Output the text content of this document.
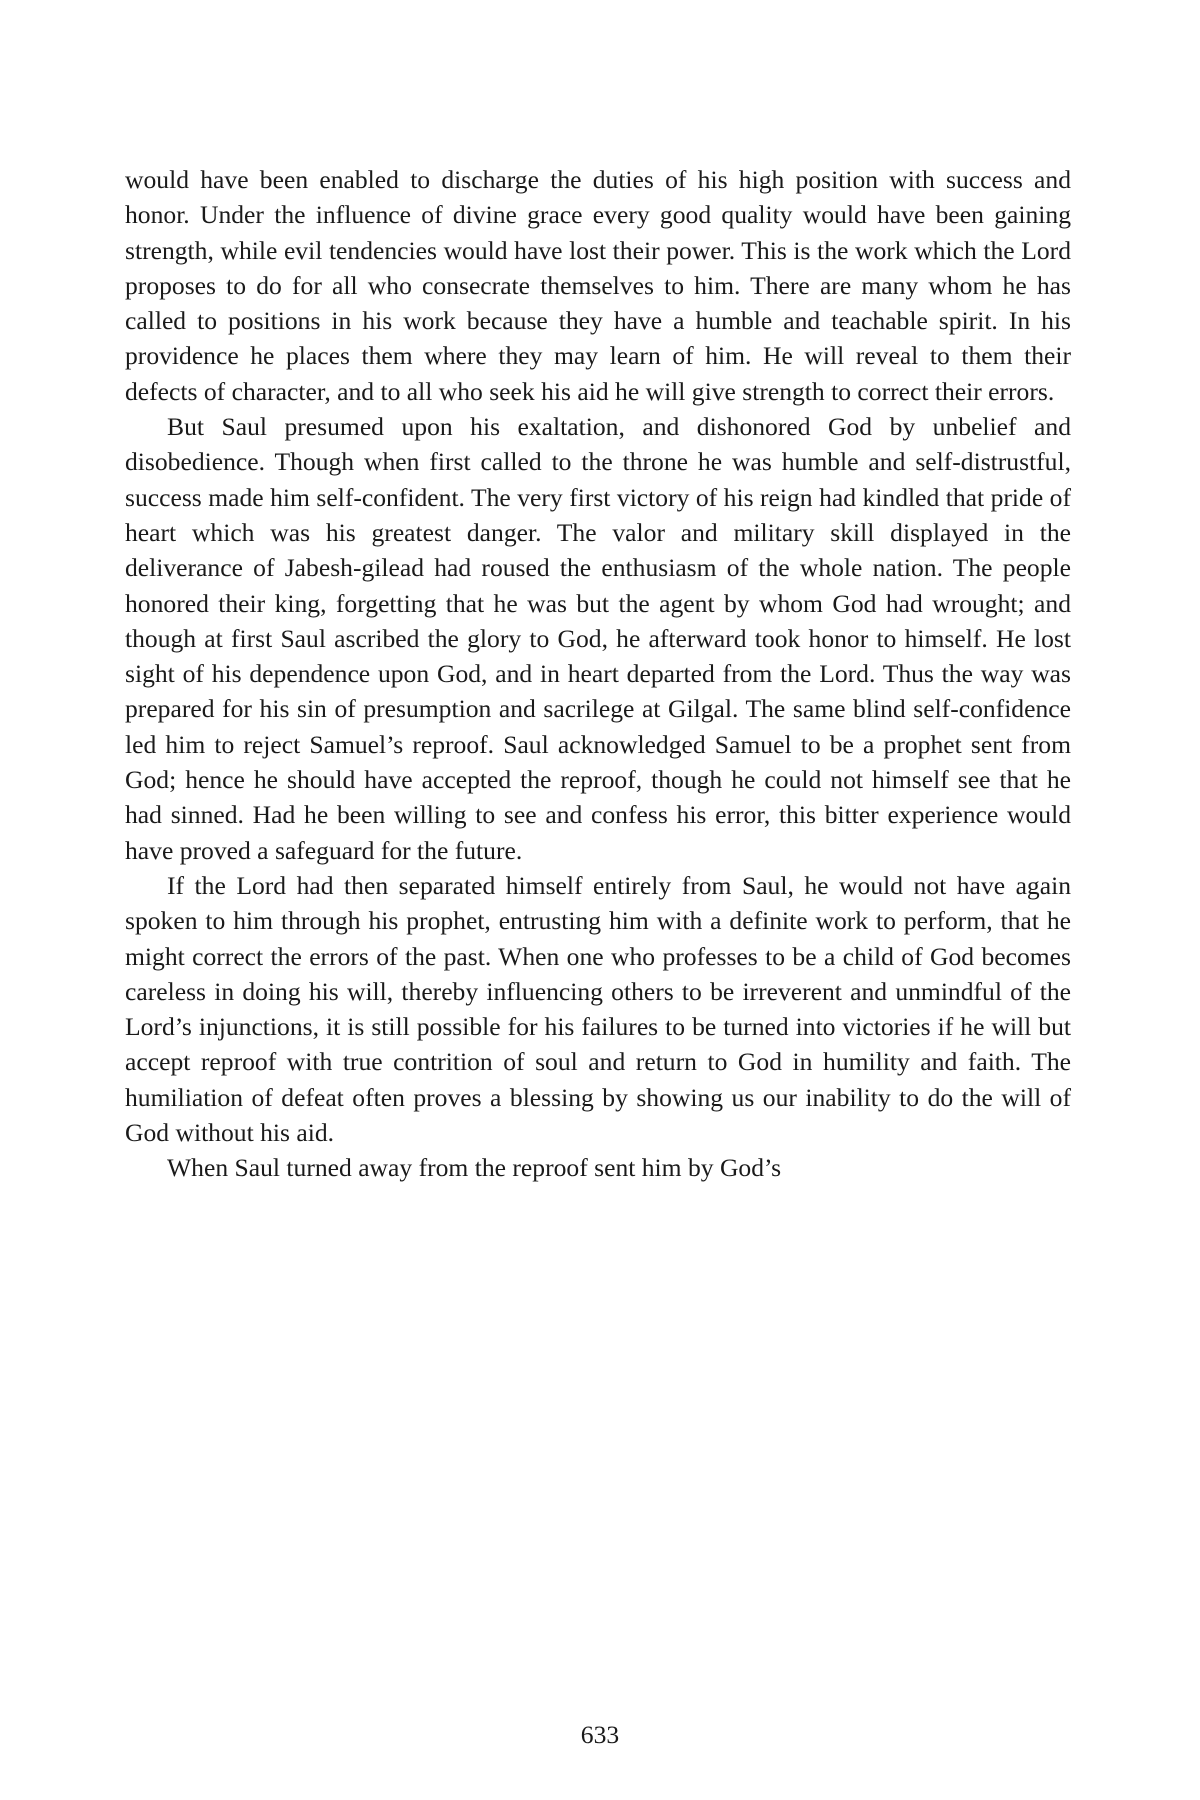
would have been enabled to discharge the duties of his high position with success and honor. Under the influence of divine grace every good quality would have been gaining strength, while evil tendencies would have lost their power. This is the work which the Lord proposes to do for all who consecrate themselves to him. There are many whom he has called to positions in his work because they have a humble and teachable spirit. In his providence he places them where they may learn of him. He will reveal to them their defects of character, and to all who seek his aid he will give strength to correct their errors.

But Saul presumed upon his exaltation, and dishonored God by unbelief and disobedience. Though when first called to the throne he was humble and self-distrustful, success made him self-confident. The very first victory of his reign had kindled that pride of heart which was his greatest danger. The valor and military skill displayed in the deliverance of Jabesh-gilead had roused the enthusiasm of the whole nation. The people honored their king, forgetting that he was but the agent by whom God had wrought; and though at first Saul ascribed the glory to God, he afterward took honor to himself. He lost sight of his dependence upon God, and in heart departed from the Lord. Thus the way was prepared for his sin of presumption and sacrilege at Gilgal. The same blind self-confidence led him to reject Samuel’s reproof. Saul acknowledged Samuel to be a prophet sent from God; hence he should have accepted the reproof, though he could not himself see that he had sinned. Had he been willing to see and confess his error, this bitter experience would have proved a safeguard for the future.

If the Lord had then separated himself entirely from Saul, he would not have again spoken to him through his prophet, entrusting him with a definite work to perform, that he might correct the errors of the past. When one who professes to be a child of God becomes careless in doing his will, thereby influencing others to be irreverent and unmindful of the Lord’s injunctions, it is still possible for his failures to be turned into victories if he will but accept reproof with true contrition of soul and return to God in humility and faith. The humiliation of defeat often proves a blessing by showing us our inability to do the will of God without his aid.

When Saul turned away from the reproof sent him by God’s

633
